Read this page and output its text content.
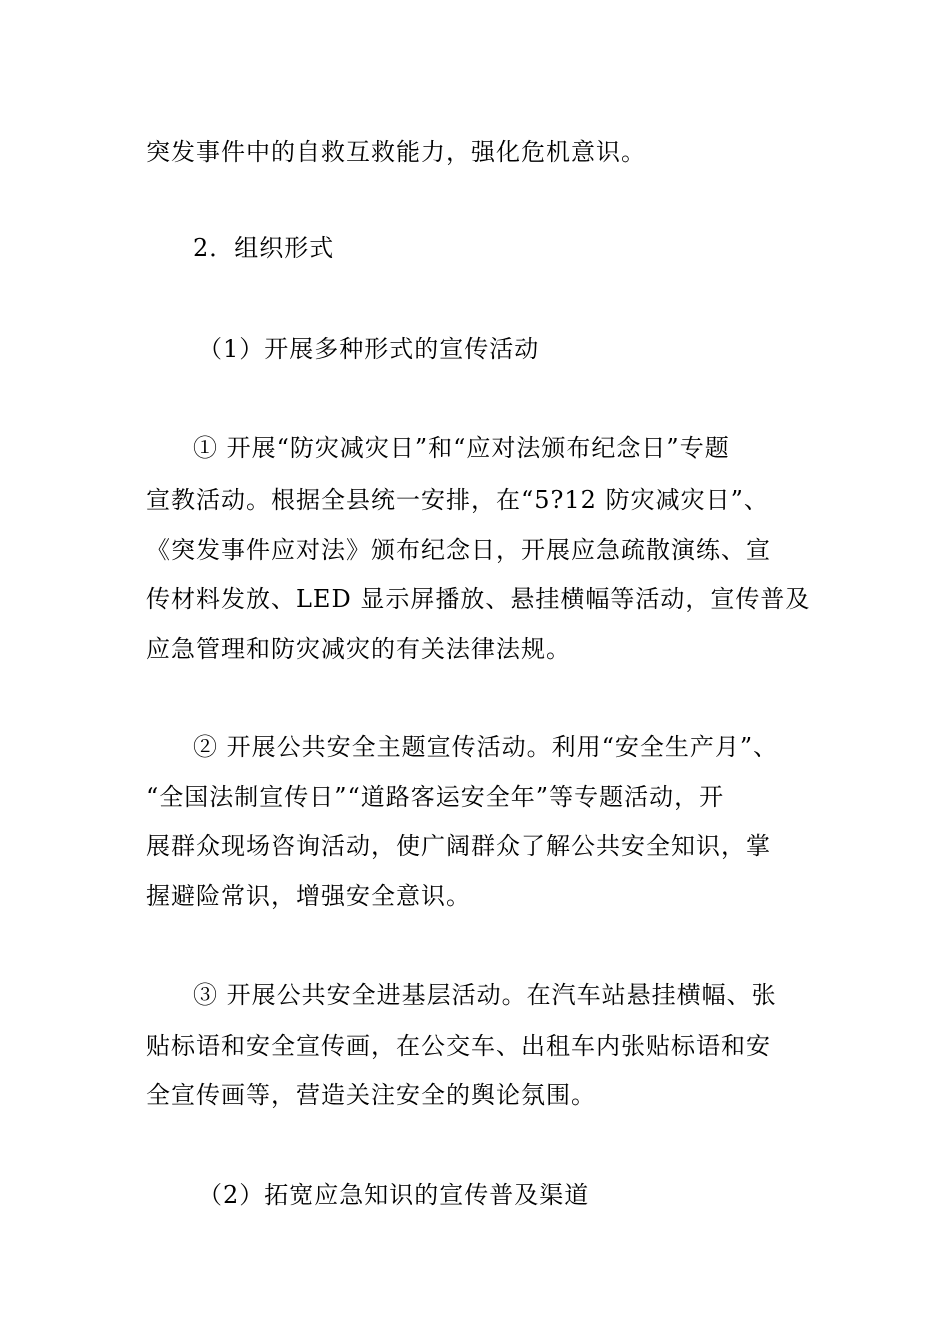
突发事件中的自救互救能力，强化危机意识。
2．组织形式
（1）开展多种形式的宣传活动
① 开展“防灾减灾日”和“应对法颁布纪念日”专题
宣教活动。根据全县统一安排，在“5?12 防灾减灾日”、
《突发事件应对法》颁布纪念日，开展应急疏散演练、宣
传材料发放、LED 显示屏播放、悬挂横幅等活动，宣传普及
应急管理和防灾减灾的有关法律法规。
② 开展公共安全主题宣传活动。利用“安全生产月”、
“全国法制宣传日”“道路客运安全年”等专题活动，开
展群众现场咨询活动，使广阔群众了解公共安全知识，掌
握避险常识，增强安全意识。
③ 开展公共安全进基层活动。在汽车站悬挂横幅、张
贴标语和安全宣传画，在公交车、出租车内张贴标语和安
全宣传画等，营造关注安全的舆论氛围。
（2）拓宽应急知识的宣传普及渠道
